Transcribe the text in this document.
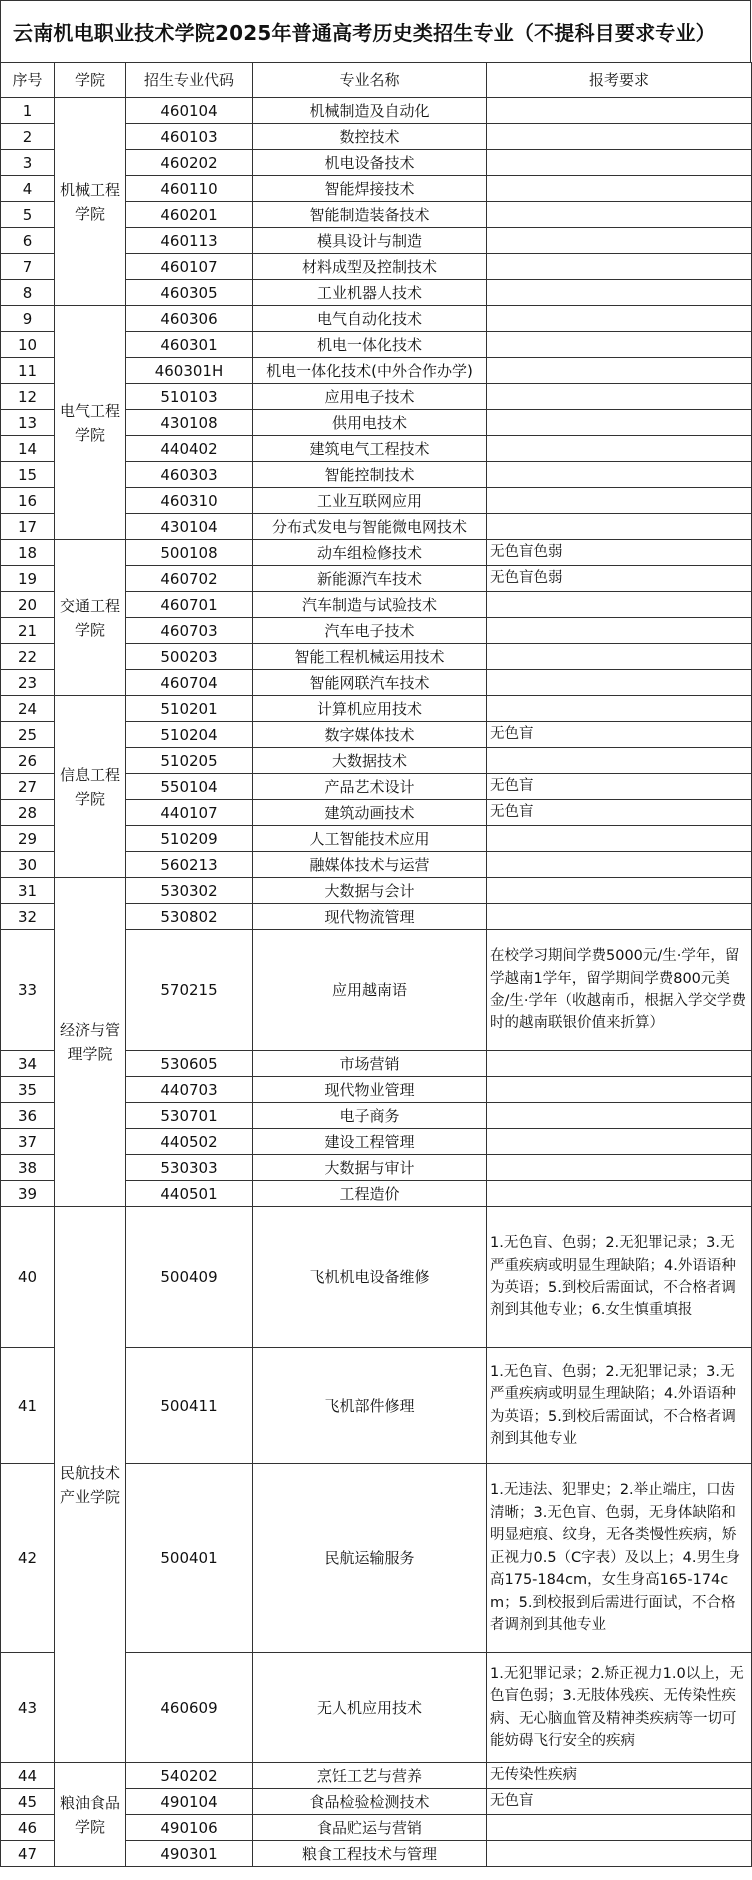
云南机电职业技术学院2025年普通高考历史类招生专业（不提科目要求专业）
序号	学院	招生专业代码	专业名称	报考要求
1	机械工程学院	460104	机械制造及自动化	
2		460103	数控技术	
3		460202	机电设备技术	
4		460110	智能焊接技术	
5		460201	智能制造装备技术	
6		460113	模具设计与制造	
7		460107	材料成型及控制技术	
8		460305	工业机器人技术	
9	电气工程学院	460306	电气自动化技术	
10		460301	机电一体化技术	
11		460301H	机电一体化技术(中外合作办学)	
12		510103	应用电子技术	
13		430108	供用电技术	
14		440402	建筑电气工程技术	
15		460303	智能控制技术	
16		460310	工业互联网应用	
17		430104	分布式发电与智能微电网技术	
18	交通工程学院	500108	动车组检修技术	无色盲色弱
19		460702	新能源汽车技术	无色盲色弱
20		460701	汽车制造与试验技术	
21		460703	汽车电子技术	
22		500203	智能工程机械运用技术	
23		460704	智能网联汽车技术	
24	信息工程学院	510201	计算机应用技术	
25		510204	数字媒体技术	无色盲
26		510205	大数据技术	
27		550104	产品艺术设计	无色盲
28		440107	建筑动画技术	无色盲
29		510209	人工智能技术应用	
30		560213	融媒体技术与运营	
31	经济与管理学院	530302	大数据与会计	
32		530802	现代物流管理	
33		570215	应用越南语	在校学习期间学费5000元/生·学年，留学越南1学年，留学期间学费800元美金/生·学年（收越南币，根据入学交学费时的越南联银价值来折算）
34		530605	市场营销	
35		440703	现代物业管理	
36		530701	电子商务	
37		440502	建设工程管理	
38		530303	大数据与审计	
39		440501	工程造价	
40	民航技术产业学院	500409	飞机机电设备维修	1.无色盲、色弱；2.无犯罪记录；3.无严重疾病或明显生理缺陷；4.外语语种为英语；5.到校后需面试，不合格者调剂到其他专业；6.女生慎重填报
41		500411	飞机部件修理	1.无色盲、色弱；2.无犯罪记录；3.无严重疾病或明显生理缺陷；4.外语语种为英语；5.到校后需面试，不合格者调剂到其他专业
42		500401	民航运输服务	1.无违法、犯罪史；2.举止端庄，口齿清晰；3.无色盲、色弱，无身体缺陷和明显疤痕、纹身，无各类慢性疾病，矫正视力0.5（C字表）及以上；4.男生身高175-184cm，女生身高165-174cm；5.到校报到后需进行面试，不合格者调剂到其他专业
43		460609	无人机应用技术	1.无犯罪记录；2.矫正视力1.0以上，无色盲色弱；3.无肢体残疾、无传染性疾病、无心脑血管及精神类疾病等一切可能妨碍飞行安全的疾病
44	粮油食品学院	540202	烹饪工艺与营养	无传染性疾病
45		490104	食品检验检测技术	无色盲
46		490106	食品贮运与营销	
47		490301	粮食工程技术与管理	
